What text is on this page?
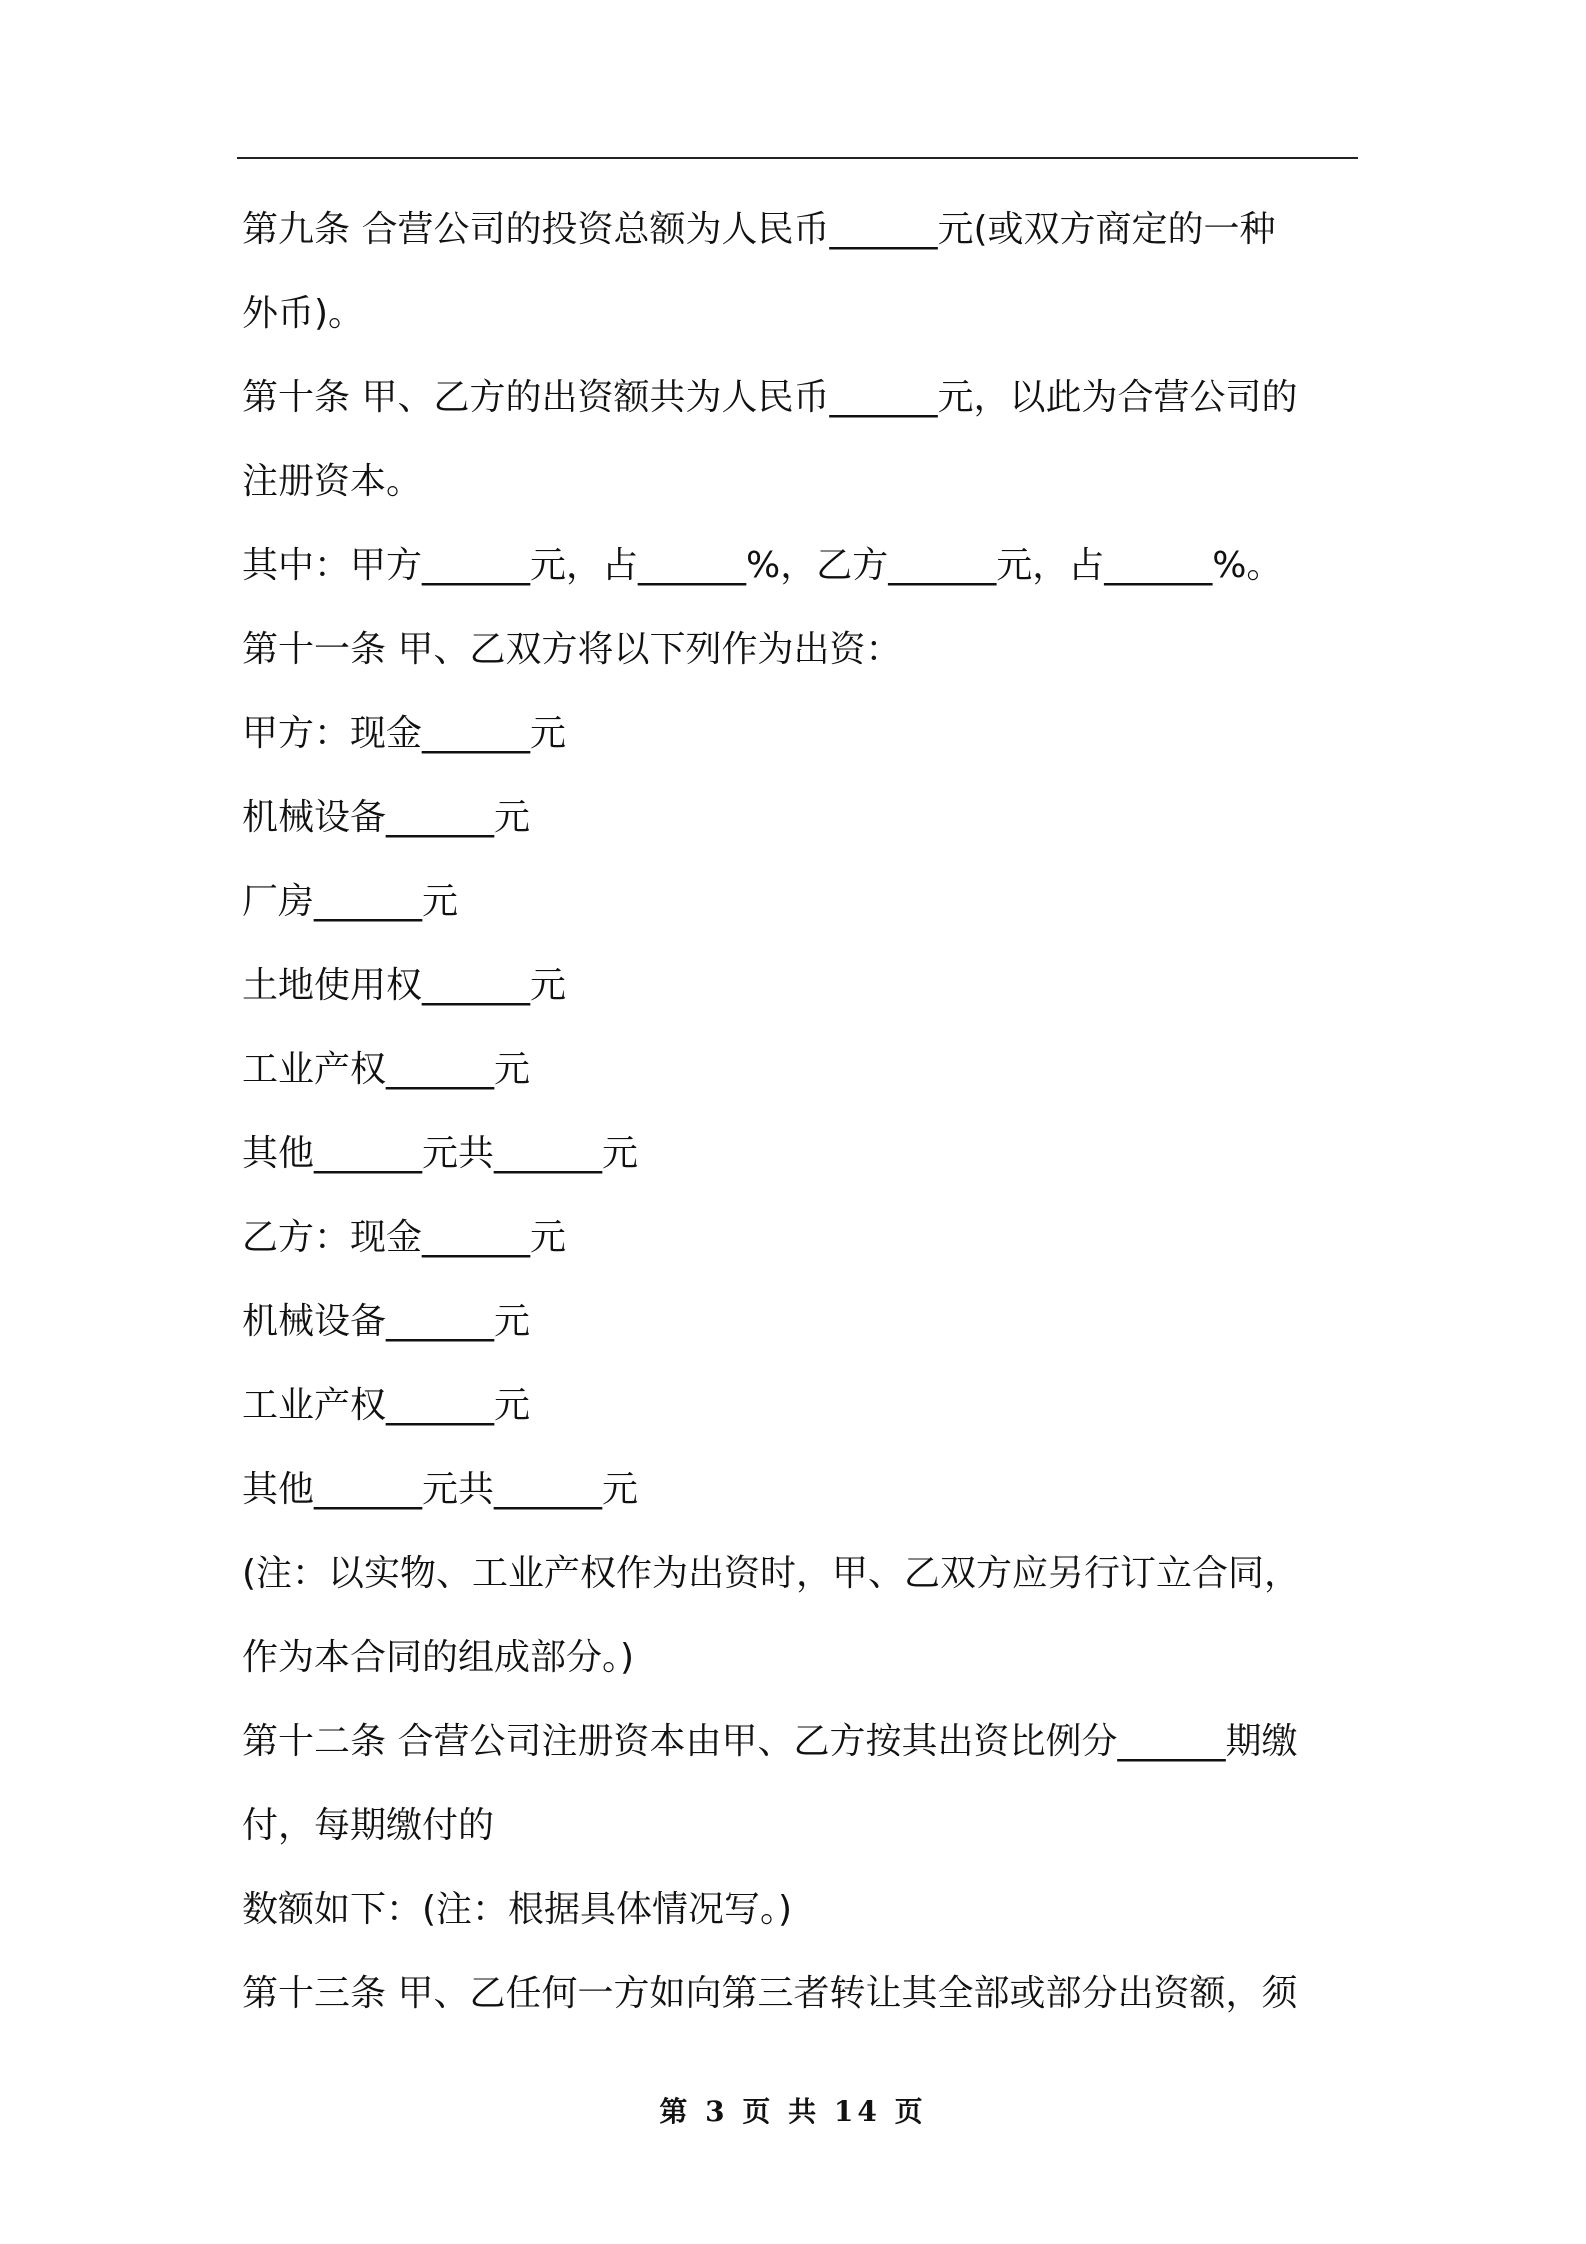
第九条 合营公司的投资总额为人民币______元(或双方商定的一种
外币)。
第十条 甲、乙方的出资额共为人民币______元，以此为合营公司的
注册资本。
其中：甲方______元，占______%，乙方______元，占______%。
第十一条 甲、乙双方将以下列作为出资：
甲方：现金______元
机械设备______元
厂房______元
土地使用权______元
工业产权______元
其他______元共______元
乙方：现金______元
机械设备______元
工业产权______元
其他______元共______元
(注：以实物、工业产权作为出资时，甲、乙双方应另行订立合同，
作为本合同的组成部分。)
第十二条 合营公司注册资本由甲、乙方按其出资比例分______期缴
付，每期缴付的
数额如下：(注：根据具体情况写。)
第十三条 甲、乙任何一方如向第三者转让其全部或部分出资额，须
第 3 页 共 14 页
